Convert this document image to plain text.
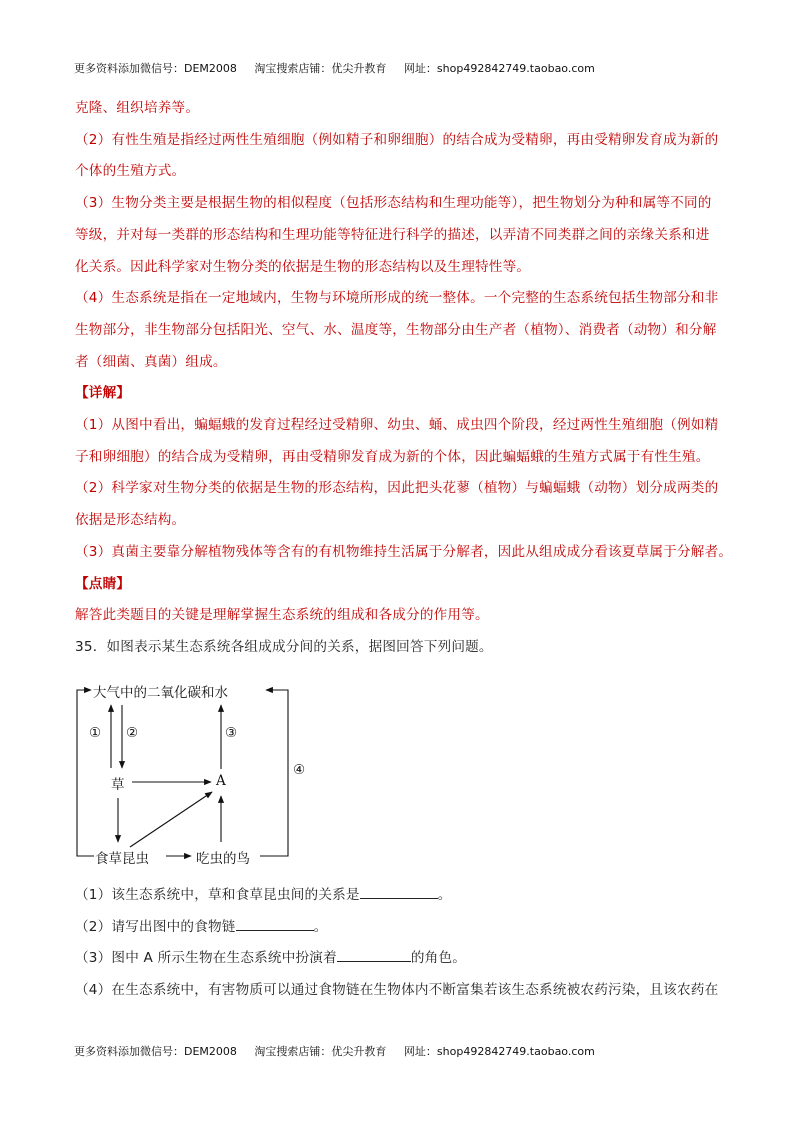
更多资料添加微信号：DEM2008 淘宝搜索店铺：优尖升教育 网址：shop492842749.taobao.com
克隆、组织培养等。
（2）有性生殖是指经过两性生殖细胞（例如精子和卵细胞）的结合成为受精卵，再由受精卵发育成为新的
个体的生殖方式。
（3）生物分类主要是根据生物的相似程度（包括形态结构和生理功能等），把生物划分为种和属等不同的
等级，并对每一类群的形态结构和生理功能等特征进行科学的描述，以弄清不同类群之间的亲缘关系和进
化关系。因此科学家对生物分类的依据是生物的形态结构以及生理特性等。
（4）生态系统是指在一定地域内，生物与环境所形成的统一整体。一个完整的生态系统包括生物部分和非
生物部分，非生物部分包括阳光、空气、水、温度等，生物部分由生产者（植物）、消费者（动物）和分解
者（细菌、真菌）组成。
【详解】
（1）从图中看出，蝙蝠蛾的发育过程经过受精卵、幼虫、蛹、成虫四个阶段，经过两性生殖细胞（例如精
子和卵细胞）的结合成为受精卵，再由受精卵发育成为新的个体，因此蝙蝠蛾的生殖方式属于有性生殖。
（2）科学家对生物分类的依据是生物的形态结构，因此把头花蓼（植物）与蝙蝠蛾（动物）划分成两类的
依据是形态结构。
（3）真菌主要靠分解植物残体等含有的有机物维持生活属于分解者，因此从组成成分看该夏草属于分解者。
【点睛】
解答此类题目的关键是理解掌握生态系统的组成和各成分的作用等。
35．如图表示某生态系统各组成成分间的关系，据图回答下列问题。
大气中的二氧化碳和水
草	A
食草昆虫	吃虫的鸟
① ②	③
④
（1）该生态系统中，草和食草昆虫间的关系是	。
（2）请写出图中的食物链	。
（3）图中 A 所示生物在生态系统中扮演着	的角色。
（4）在生态系统中，有害物质可以通过食物链在生物体内不断富集若该生态系统被农药污染，且该农药在
更多资料添加微信号：DEM2008 淘宝搜索店铺：优尖升教育 网址：shop492842749.taobao.com
